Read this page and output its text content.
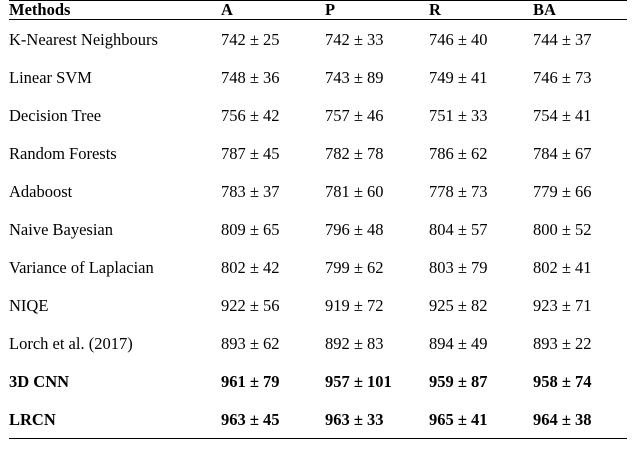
Methods	A	P	R	BA

K-Nearest Neighbours	742 ± 25	742 ± 33	746 ± 40	744 ± 37
Linear SVM	748 ± 36	743 ± 89	749 ± 41	746 ± 73
Decision Tree	756 ± 42	757 ± 46	751 ± 33	754 ± 41
Random Forests	787 ± 45	782 ± 78	786 ± 62	784 ± 67
Adaboost	783 ± 37	781 ± 60	778 ± 73	779 ± 66
Naive Bayesian	809 ± 65	796 ± 48	804 ± 57	800 ± 52
Variance of Laplacian	802 ± 42	799 ± 62	803 ± 79	802 ± 41
NIQE	922 ± 56	919 ± 72	925 ± 82	923 ± 71
Lorch et al. (2017)	893 ± 62	892 ± 83	894 ± 49	893 ± 22
3D CNN	961 ± 79	957 ± 101	959 ± 87	958 ± 74
LRCN	963 ± 45	963 ± 33	965 ± 41	964 ± 38
